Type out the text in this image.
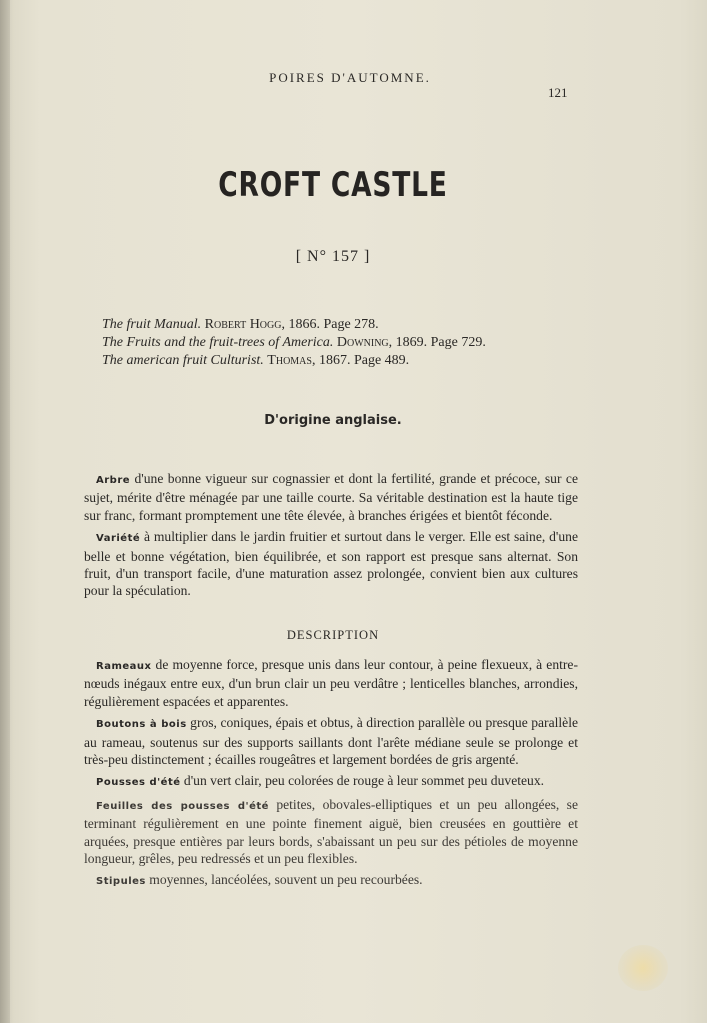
POIRES D'AUTOMNE.
121
CROFT CASTLE
[ N° 157 ]
The fruit Manual. Robert Hogg, 1866. Page 278.
The Fruits and the fruit-trees of America. Downing, 1869. Page 729.
The american fruit Culturist. Thomas, 1867. Page 489.
D'origine anglaise.

Arbre d'une bonne vigueur sur cognassier et dont la fertilité, grande et précoce, sur ce sujet, mérite d'être ménagée par une taille courte. Sa véritable destination est la haute tige sur franc, formant promptement une tête élevée, à branches érigées et bientôt féconde.

Variété à multiplier dans le jardin fruitier et surtout dans le verger. Elle est saine, d'une belle et bonne végétation, bien équilibrée, et son rapport est presque sans alternat. Son fruit, d'un transport facile, d'une maturation assez prolongée, convient bien aux cultures pour la spéculation.

DESCRIPTION

Rameaux de moyenne force, presque unis dans leur contour, à peine flexueux, à entre-nœuds inégaux entre eux, d'un brun clair un peu verdâtre ; lenticelles blanches, arrondies, régulièrement espacées et apparentes.

Boutons à bois gros, coniques, épais et obtus, à direction parallèle ou presque parallèle au rameau, soutenus sur des supports saillants dont l'arête médiane seule se prolonge et très-peu distinctement ; écailles rougeâtres et largement bordées de gris argenté.

Pousses d'été d'un vert clair, peu colorées de rouge à leur sommet peu duveteux.

Feuilles des pousses d'été petites, obovales-elliptiques et un peu allongées, se terminant régulièrement en une pointe finement aiguë, bien creusées en gouttière et arquées, presque entières par leurs bords, s'abaissant un peu sur des pétioles de moyenne longueur, grêles, peu redressés et un peu flexibles.

Stipules moyennes, lancéolées, souvent un peu recourbées.
